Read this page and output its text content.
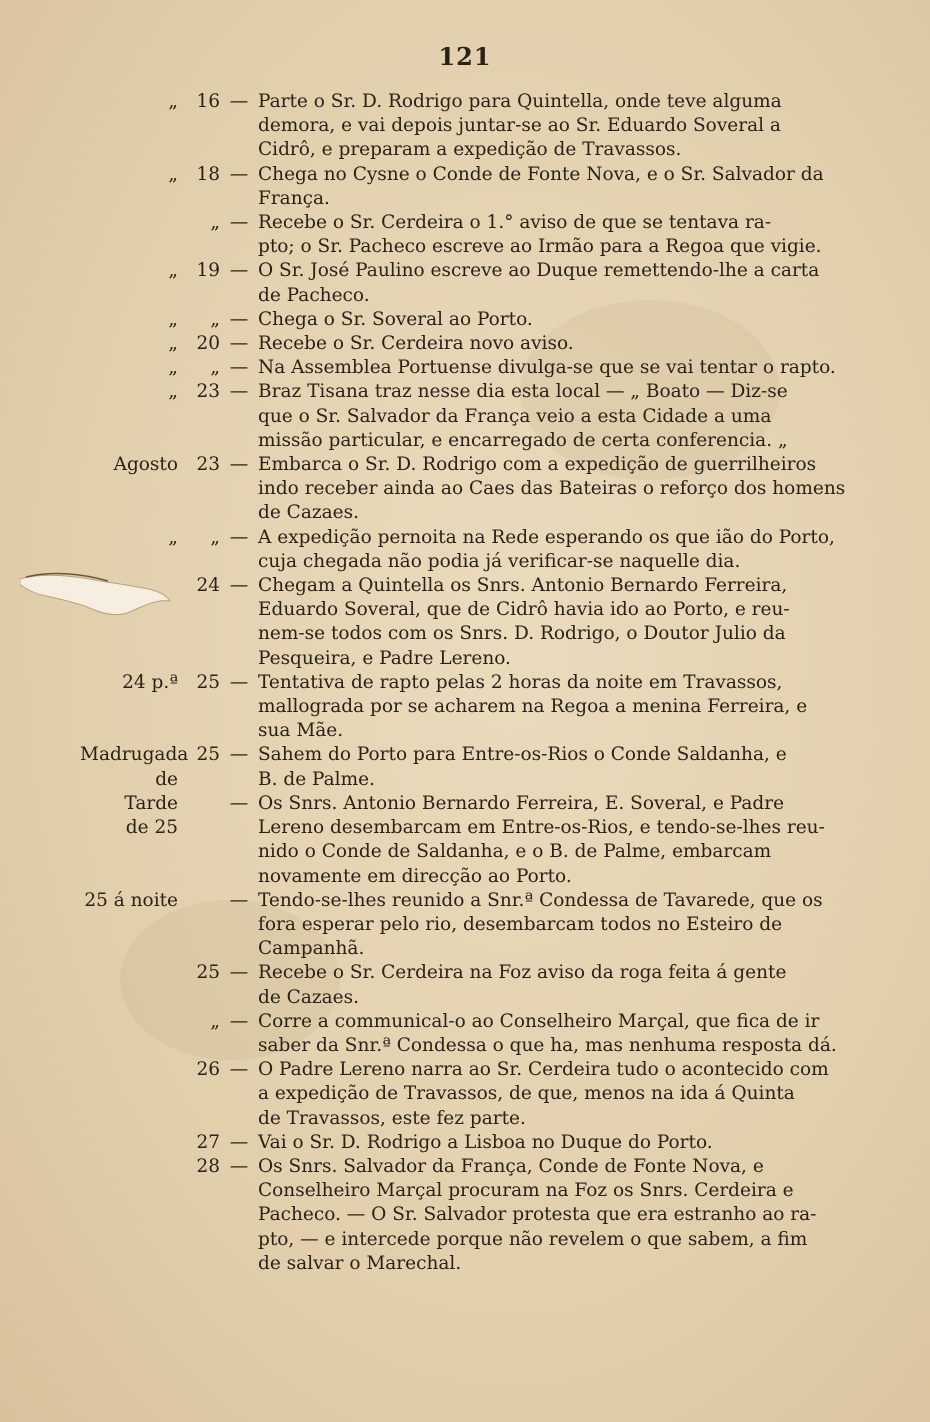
121
„ 16 — Parte o Sr. D. Rodrigo para Quintella, onde teve alguma
demora, e vai depois juntar-se ao Sr. Eduardo Soveral a
Cidrô, e preparam a expedição de Travassos.
„ 18 — Chega no Cysne o Conde de Fonte Nova, e o Sr. Salvador da
França.

„ — Recebe o Sr. Cerdeira o 1.° aviso de que se tentava ra-
pto; o Sr. Pacheco escreve ao Irmão para a Regoa que vigie.
„ 19 — O Sr. José Paulino escreve ao Duque remettendo-lhe a carta
de Pacheco.
„	„ — Chega o Sr. Soveral ao Porto.
„ 20 — Recebe o Sr. Cerdeira novo aviso.
„	„ — Na Assemblea Portuense divulga-se que se vai tentar o rapto.
„ 23 — Braz Tisana traz nesse dia esta local — „ Boato — Diz-se
que o Sr. Salvador da França veio a esta Cidade a uma
missão particular, e encarregado de certa conferencia. „
Agosto 23 — Embarca o Sr. D. Rodrigo com a expedição de guerrilheiros
indo receber ainda ao Caes das Bateiras o reforço dos homens
de Cazaes.
„	„ — A expedição pernoita na Rede esperando os que ião do Porto,
cuja chegada não podia já verificar-se naquelle dia.

24 — Chegam a Quintella os Snrs. Antonio Bernardo Ferreira,
Eduardo Soveral, que de Cidrô havia ido ao Porto, e reu-
nem-se todos com os Snrs. D. Rodrigo, o Doutor Julio da
Pesqueira, e Padre Lereno.
24 p.ª 25 — Tentativa de rapto pelas 2 horas da noite em Travassos,
mallograda por se acharem na Regoa a menina Ferreira, e
sua Mãe.
Madrugada
de
25 — Sahem do Porto para Entre-os-Rios o Conde Saldanha, e
B. de Palme.
Tarde
de 25
— Os Snrs. Antonio Bernardo Ferreira, E. Soveral, e Padre
Lereno desembarcam em Entre-os-Rios, e tendo-se-lhes reu-
nido o Conde de Saldanha, e o B. de Palme, embarcam
novamente em direcção ao Porto.
25 á noite	— Tendo-se-lhes reunido a Snr.ª Condessa de Tavarede, que os
fora esperar pelo rio, desembarcam todos no Esteiro de
Campanhã.

25 — Recebe o Sr. Cerdeira na Foz aviso da roga feita á gente
de Cazaes.

„ — Corre a communical-o ao Conselheiro Marçal, que fica de ir
saber da Snr.ª Condessa o que ha, mas nenhuma resposta dá.

26 — O Padre Lereno narra ao Sr. Cerdeira tudo o acontecido com
a expedição de Travassos, de que, menos na ida á Quinta
de Travassos, este fez parte.

27 — Vai o Sr. D. Rodrigo a Lisboa no Duque do Porto.

28 — Os Snrs. Salvador da França, Conde de Fonte Nova, e
Conselheiro Marçal procuram na Foz os Snrs. Cerdeira e
Pacheco. — O Sr. Salvador protesta que era estranho ao ra-
pto, — e intercede porque não revelem o que sabem, a fim
de salvar o Marechal.
